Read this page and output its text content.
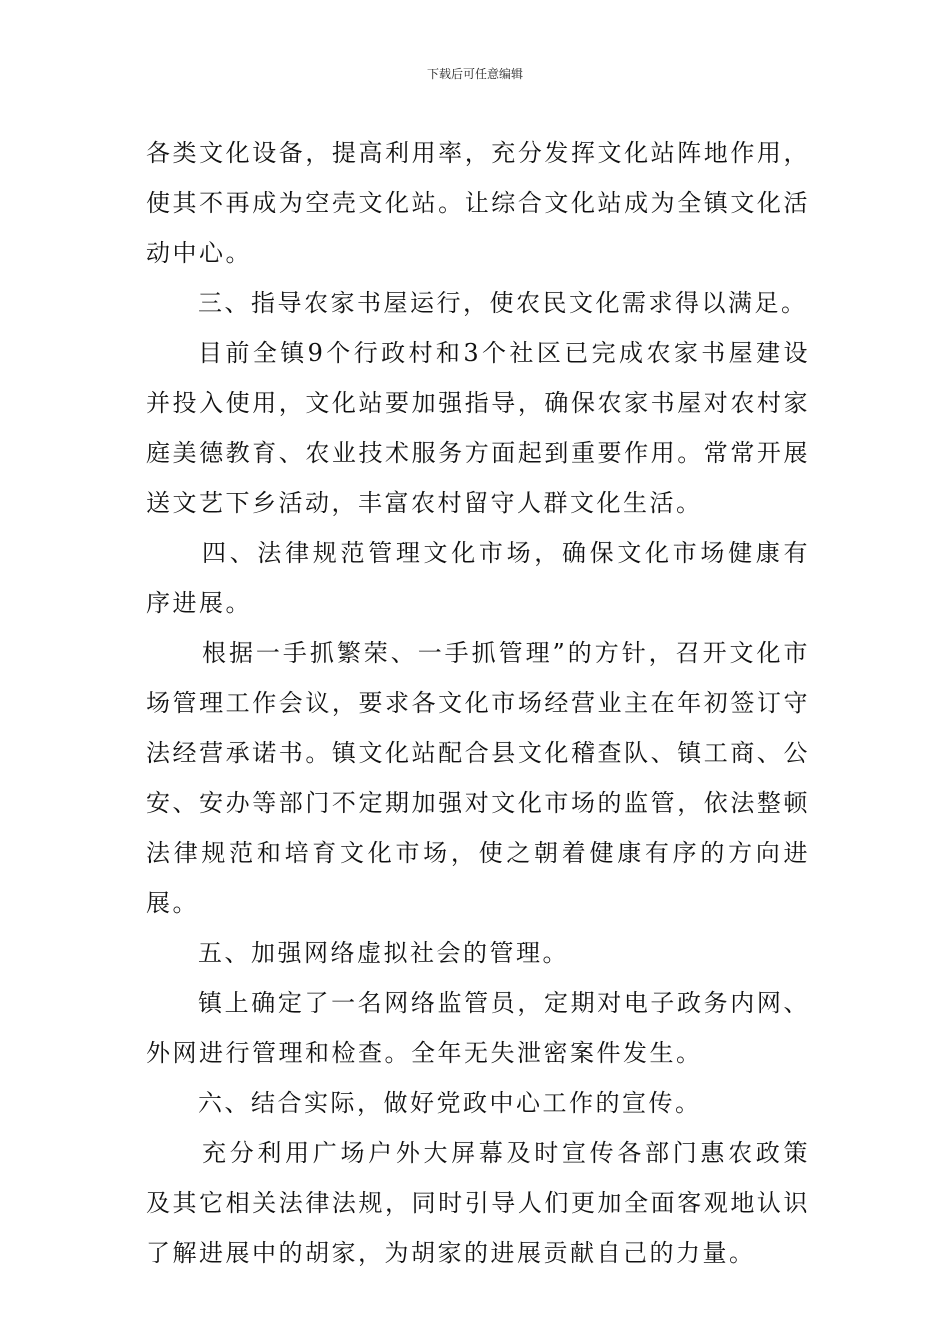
下载后可任意编辑

各类文化设备，提高利用率，充分发挥文化站阵地作用，使其不再成为空壳文化站。让综合文化站成为全镇文化活动中心。

三、指导农家书屋运行，使农民文化需求得以满足。

目前全镇9个行政村和3个社区已完成农家书屋建设并投入使用，文化站要加强指导，确保农家书屋对农村家庭美德教育、农业技术服务方面起到重要作用。常常开展送文艺下乡活动，丰富农村留守人群文化生活。

四、法律规范管理文化市场，确保文化市场健康有序进展。

根据一手抓繁荣、一手抓管理”的方针，召开文化市场管理工作会议，要求各文化市场经营业主在年初签订守法经营承诺书。镇文化站配合县文化稽查队、镇工商、公安、安办等部门不定期加强对文化市场的监管，依法整顿法律规范和培育文化市场，使之朝着健康有序的方向进展。

五、加强网络虚拟社会的管理。

镇上确定了一名网络监管员，定期对电子政务内网、外网进行管理和检查。全年无失泄密案件发生。

六、结合实际，做好党政中心工作的宣传。

充分利用广场户外大屏幕及时宣传各部门惠农政策及其它相关法律法规，同时引导人们更加全面客观地认识了解进展中的胡家，为胡家的进展贡献自己的力量。
